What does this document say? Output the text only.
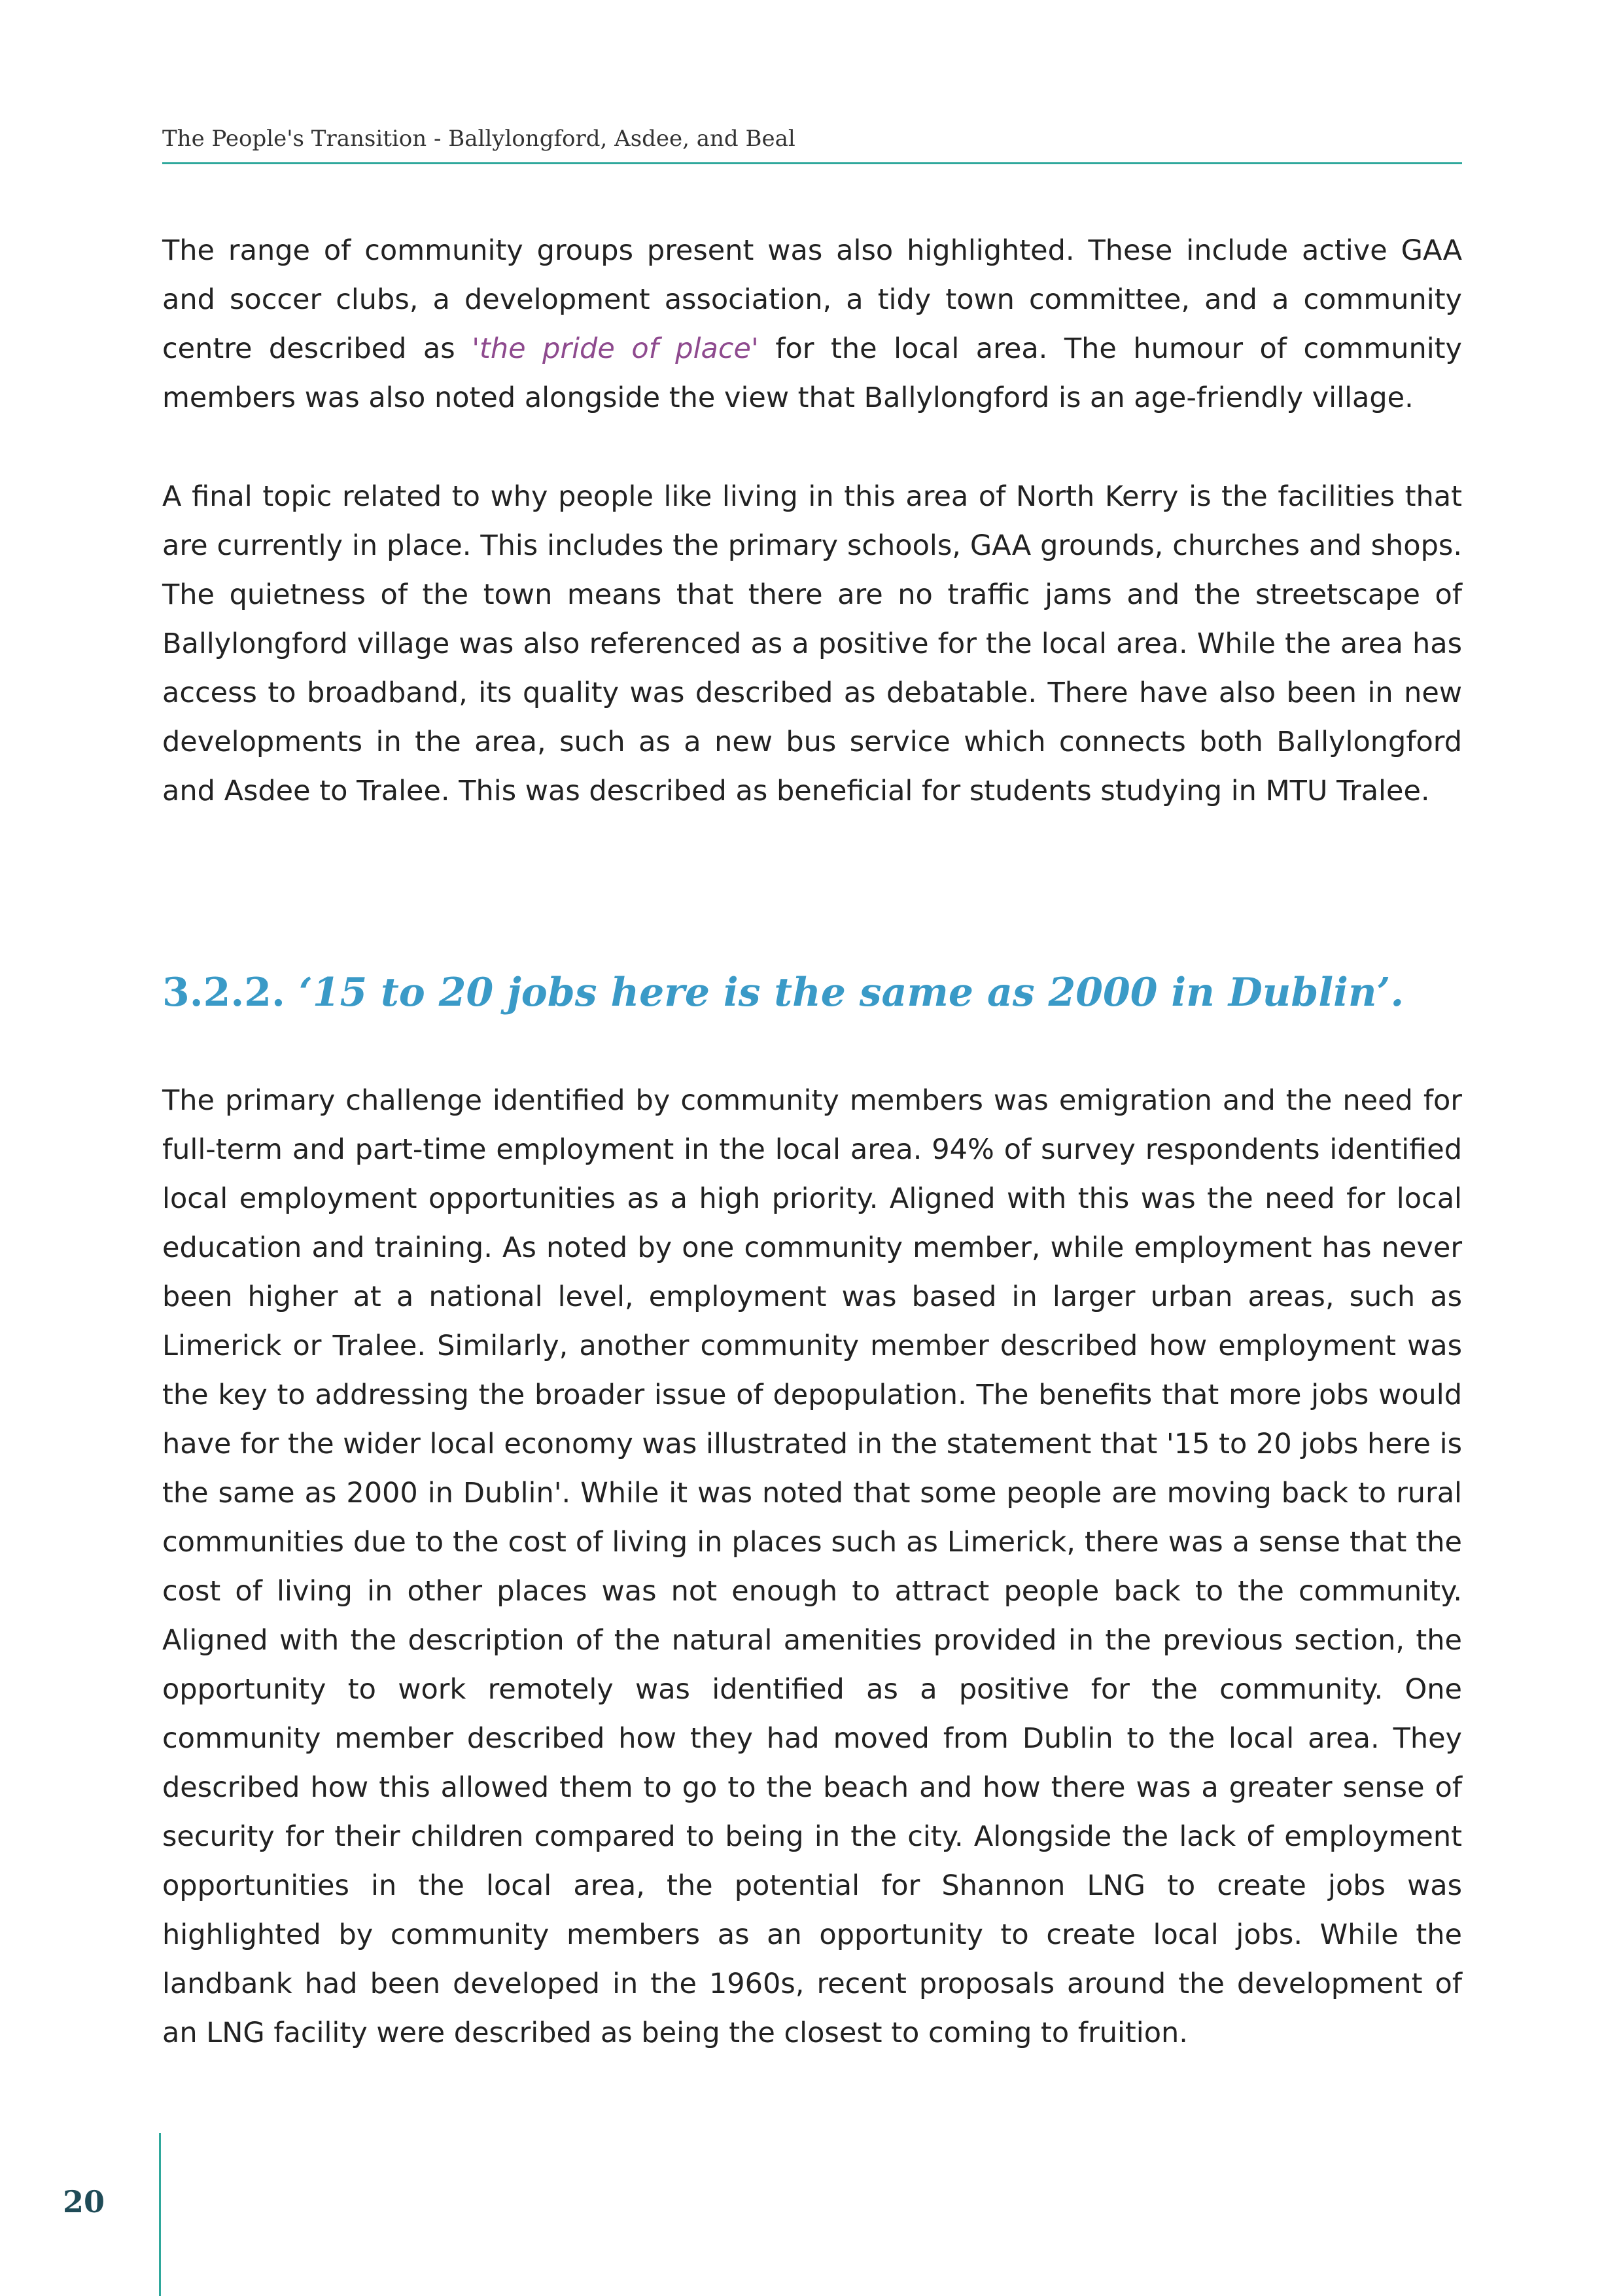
The People's Transition - Ballylongford, Asdee, and Beal

The range of community groups present was also highlighted. These include active GAA and soccer clubs, a development association, a tidy town committee, and a community centre described as 'the pride of place' for the local area. The humour of community members was also noted alongside the view that Ballylongford is an age-friendly village.

A final topic related to why people like living in this area of North Kerry is the facilities that are currently in place. This includes the primary schools, GAA grounds, churches and shops. The quietness of the town means that there are no traffic jams and the streetscape of Ballylongford village was also referenced as a positive for the local area. While the area has access to broadband, its quality was described as debatable. There have also been in new developments in the area, such as a new bus service which connects both Ballylongford and Asdee to Tralee. This was described as beneficial for students studying in MTU Tralee.

3.2.2. ‘15 to 20 jobs here is the same as 2000 in Dublin’.

The primary challenge identified by community members was emigration and the need for full-term and part-time employment in the local area. 94% of survey respondents identified local employment opportunities as a high priority. Aligned with this was the need for local education and training. As noted by one community member, while employment has never been higher at a national level, employment was based in larger urban areas, such as Limerick or Tralee. Similarly, another community member described how employment was the key to addressing the broader issue of depopulation. The benefits that more jobs would have for the wider local economy was illustrated in the statement that '15 to 20 jobs here is the same as 2000 in Dublin'. While it was noted that some people are moving back to rural communities due to the cost of living in places such as Limerick, there was a sense that the cost of living in other places was not enough to attract people back to the community. Aligned with the description of the natural amenities provided in the previous section, the opportunity to work remotely was identified as a positive for the community. One community member described how they had moved from Dublin to the local area. They described how this allowed them to go to the beach and how there was a greater sense of security for their children compared to being in the city. Alongside the lack of employment opportunities in the local area, the potential for Shannon LNG to create jobs was highlighted by community members as an opportunity to create local jobs. While the landbank had been developed in the 1960s, recent proposals around the development of an LNG facility were described as being the closest to coming to fruition.

20
